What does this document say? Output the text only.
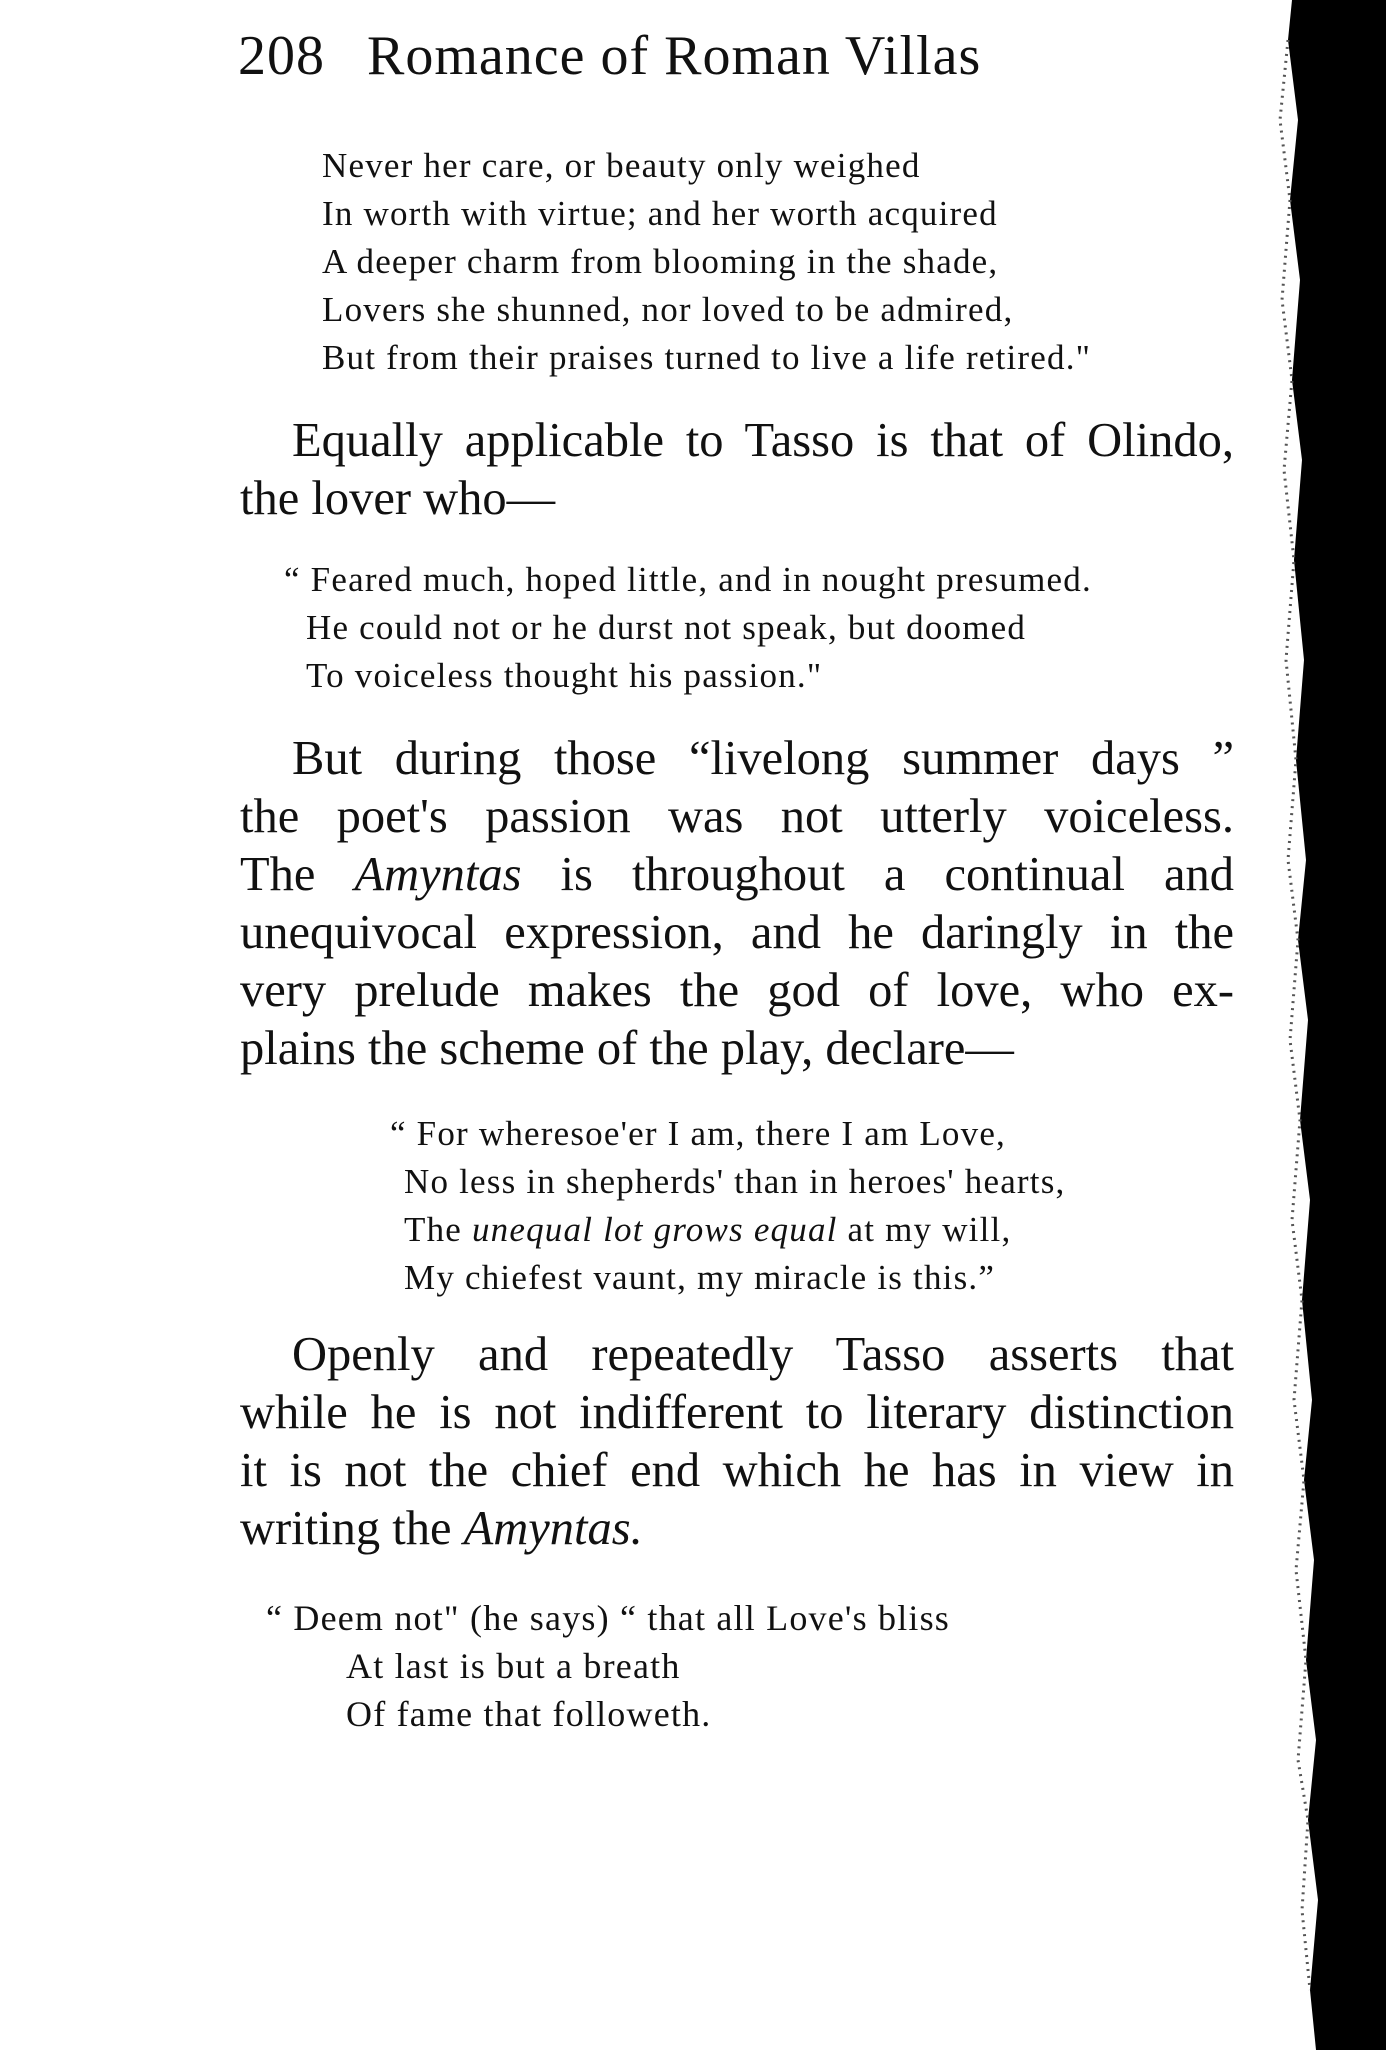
208 Romance of Roman Villas
Never her care, or beauty only weighed
In worth with virtue; and her worth acquired
A deeper charm from blooming in the shade,
Lovers she shunned, nor loved to be admired,
But from their praises turned to live a life retired."
Equally applicable to Tasso is that of Olindo,
the lover who—
“ Feared much, hoped little, and in nought presumed.
He could not or he durst not speak, but doomed
To voiceless thought his passion."
But during those “livelong summer days ”
the poet's passion was not utterly voiceless.
The Amyntas is throughout a continual and
unequivocal expression, and he daringly in the
very prelude makes the god of love, who ex-
plains the scheme of the play, declare—
“ For wheresoe'er I am, there I am Love,
No less in shepherds' than in heroes' hearts,
The unequal lot grows equal at my will,
My chiefest vaunt, my miracle is this.”
Openly and repeatedly Tasso asserts that
while he is not indifferent to literary distinction
it is not the chief end which he has in view in
writing the Amyntas.
“ Deem not" (he says) “ that all Love's bliss
At last is but a breath
Of fame that followeth.
